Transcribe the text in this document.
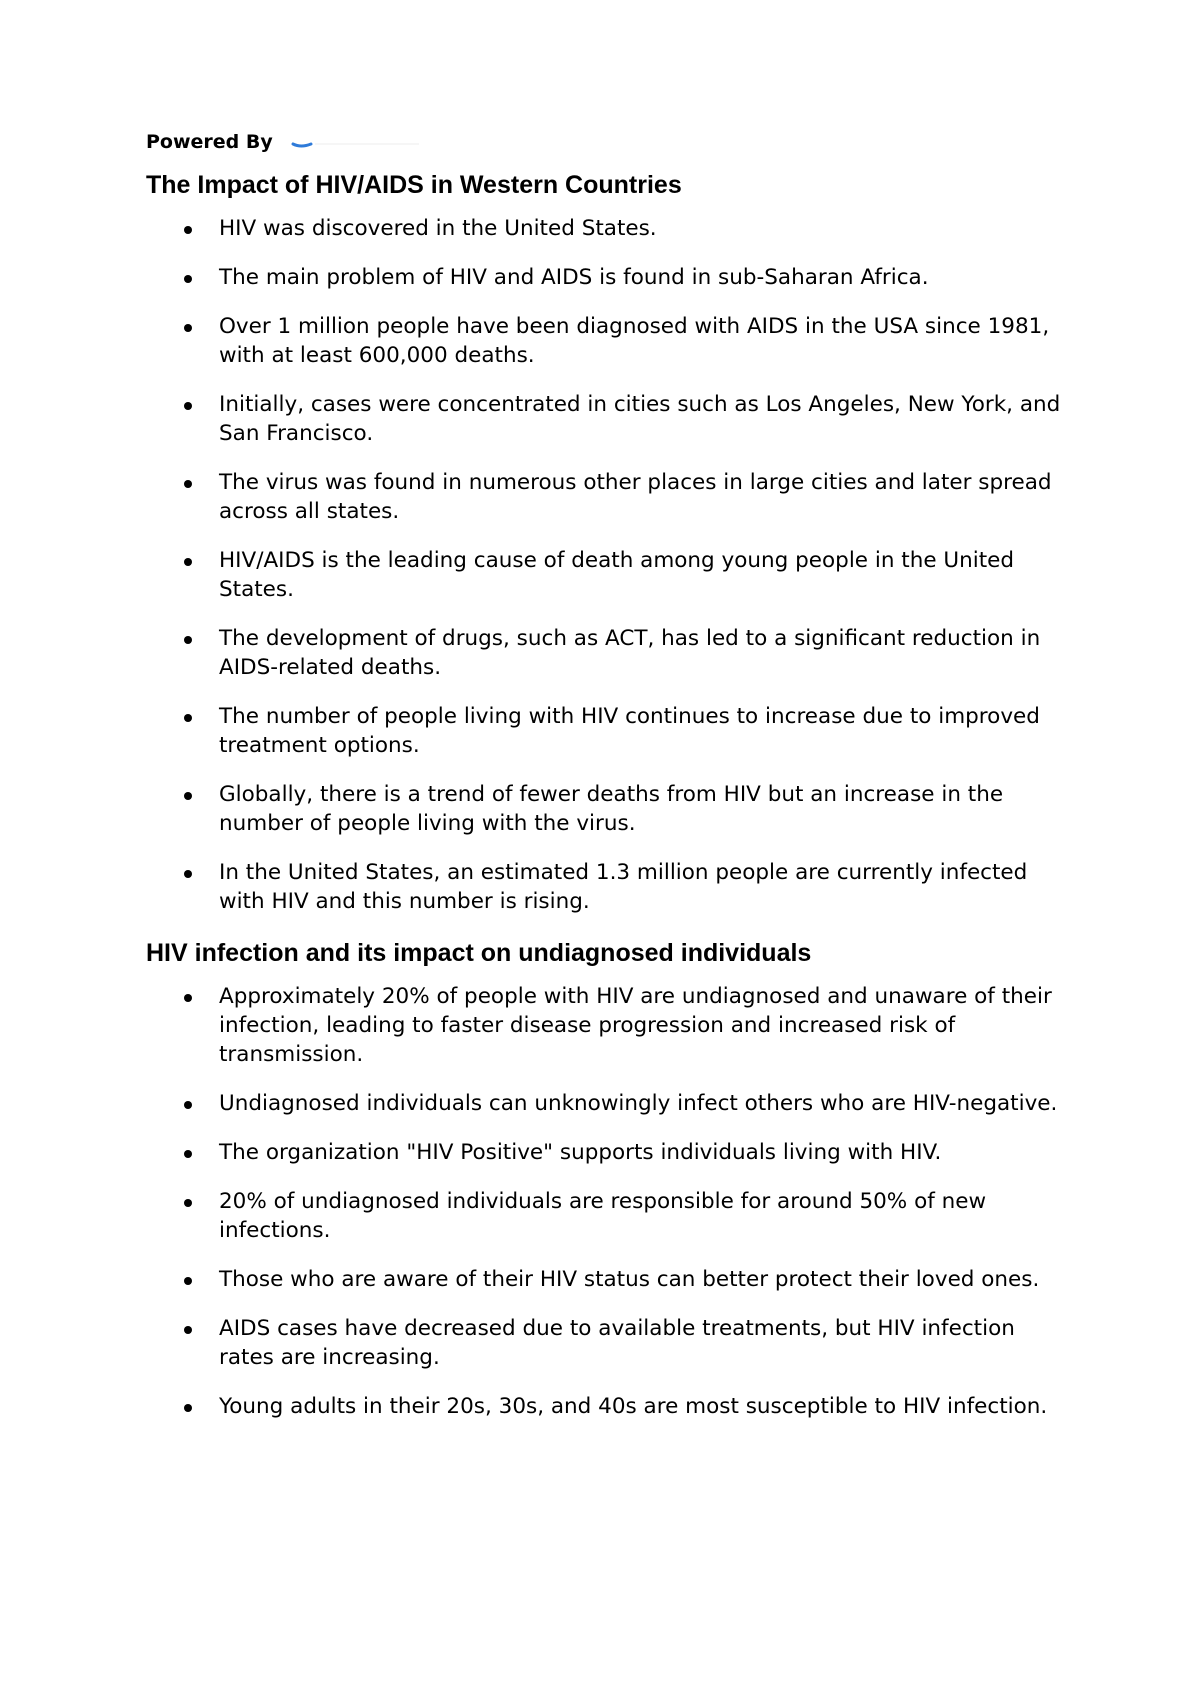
Powered By
The Impact of HIV/AIDS in Western Countries
HIV was discovered in the United States.
The main problem of HIV and AIDS is found in sub-Saharan Africa.
Over 1 million people have been diagnosed with AIDS in the USA since 1981, with at least 600,000 deaths.
Initially, cases were concentrated in cities such as Los Angeles, New York, and San Francisco.
The virus was found in numerous other places in large cities and later spread across all states.
HIV/AIDS is the leading cause of death among young people in the United States.
The development of drugs, such as ACT, has led to a significant reduction in AIDS-related deaths.
The number of people living with HIV continues to increase due to improved treatment options.
Globally, there is a trend of fewer deaths from HIV but an increase in the number of people living with the virus.
In the United States, an estimated 1.3 million people are currently infected with HIV and this number is rising.
HIV infection and its impact on undiagnosed individuals
Approximately 20% of people with HIV are undiagnosed and unaware of their infection, leading to faster disease progression and increased risk of transmission.
Undiagnosed individuals can unknowingly infect others who are HIV-negative.
The organization "HIV Positive" supports individuals living with HIV.
20% of undiagnosed individuals are responsible for around 50% of new infections.
Those who are aware of their HIV status can better protect their loved ones.
AIDS cases have decreased due to available treatments, but HIV infection rates are increasing.
Young adults in their 20s, 30s, and 40s are most susceptible to HIV infection.
